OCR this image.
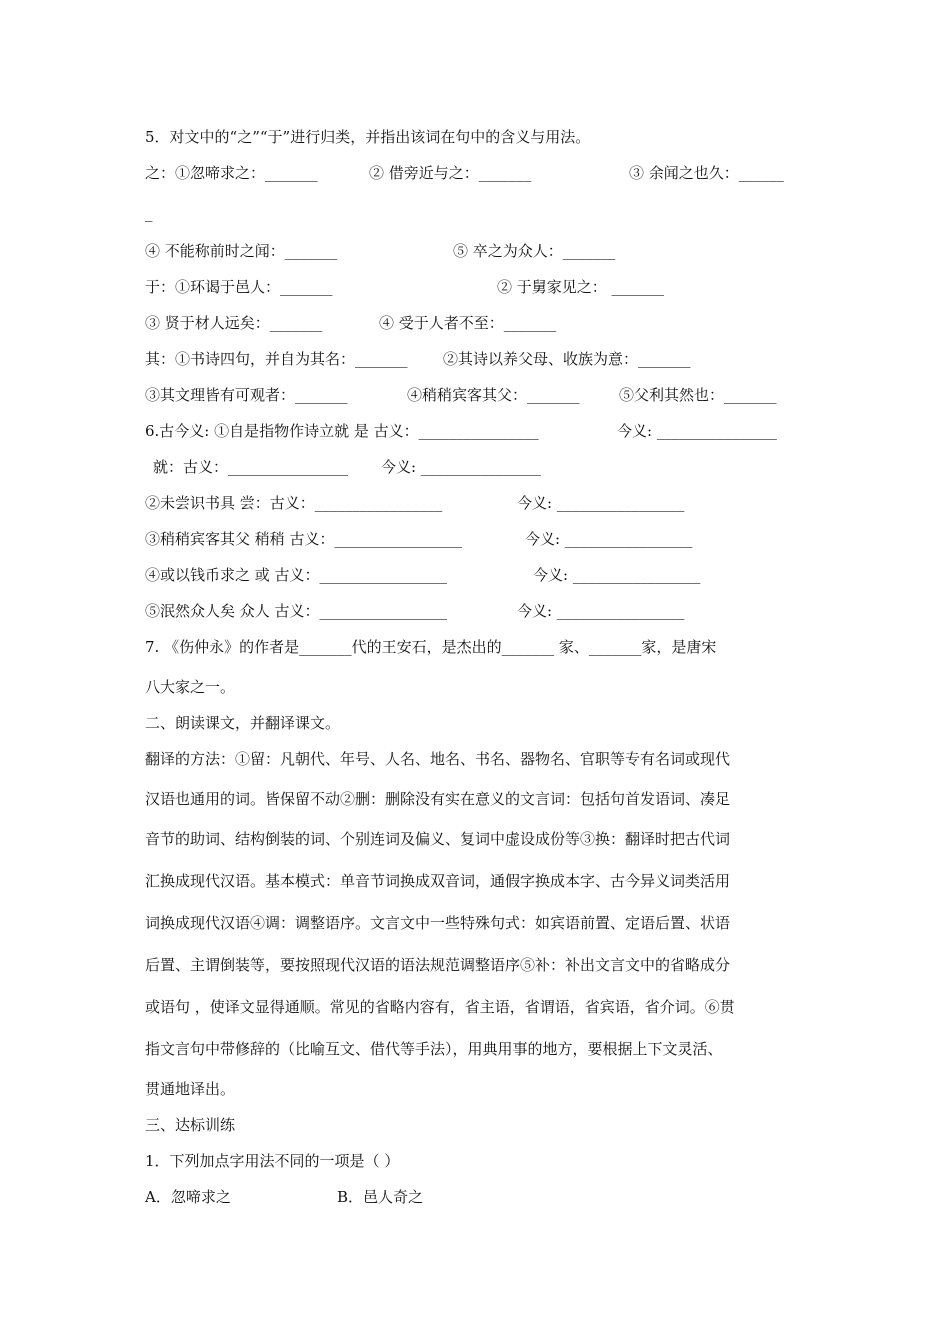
5．对文中的“之”“于”进行归类，并指出该词在句中的含义与用法。
之：①忽啼求之：_______	② 借旁近与之：_______	③ 余闻之也久：______
_
④ 不能称前时之闻：_______	⑤ 卒之为众人：_______
于：①环谒于邑人：_______	② 于舅家见之： _______
③ 贤于材人远矣：_______	④ 受于人者不至：_______
其：①书诗四句，并自为其名：_______ ②其诗以养父母、收族为意：_______
③其文理皆有可观者：_______	④稍稍宾客其父：_______	⑤父利其然也：_______
6.古今义: ①自是指物作诗立就 是 古义：________________	今义: ________________
就：古义：________________ 今义: ________________
②未尝识书具 尝：古义：_________________	今义: _________________
③稍稍宾客其父 稍稍 古义：_________________	今义: _________________
④或以钱币求之 或 古义：_________________	今义: _________________
⑤泯然众人矣 众人 古义：_________________	今义: _________________
7. 《伤仲永》的作者是_______代的王安石，是杰出的_______ 家、_______家，是唐宋
八大家之一。
二、朗读课文，并翻译课文。
翻译的方法：①留：凡朝代、年号、人名、地名、书名、器物名、官职等专有名词或现代
汉语也通用的词。皆保留不动②删：删除没有实在意义的文言词：包括句首发语词、凑足
音节的助词、结构倒装的词、个别连词及偏义、复词中虚设成份等③换：翻译时把古代词
汇换成现代汉语。基本模式：单音节词换成双音词，通假字换成本字、古今异义词类活用
词换成现代汉语④调：调整语序。文言文中一些特殊句式：如宾语前置、定语后置、状语
后置、主谓倒装等，要按照现代汉语的语法规范调整语序⑤补：补出文言文中的省略成分
或语句 ，使译文显得通顺。常见的省略内容有，省主语，省谓语，省宾语，省介词。⑥贯
指文言句中带修辞的（比喻互文、借代等手法），用典用事的地方，要根据上下文灵活、
贯通地译出。
三、达标训练
1．下列加点字用法不同的一项是（ ）
A．忽啼求之	B．邑人奇之
